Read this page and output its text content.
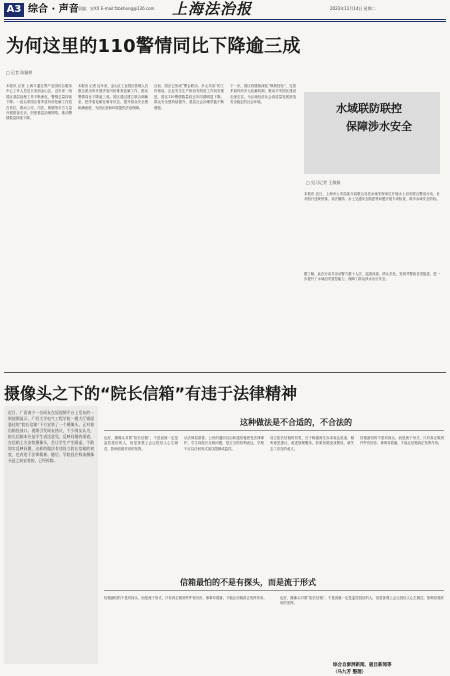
A3 综合 · 声音 责编：宋XX E-mail:fzbkhong@126.com 上海法治报	2023年11月14日 星期二
为何这里的110警情同比下降逾三成
□ 记者 陈颖婷
本报讯 记者 上海Ｘ通社界产业园综合服务中心工作人员近日来到金山区，近年来一线园区基层治理工作不断深化，警情总量持续下降。一直以来园区将矛盾纠纷化解工作放在首位，联动公安、司法、街镇等多方力量开展排查走访，织密基层治理网络，推动警情数量持续下降。
本报讯 记者 近年来，金山区工业园区管理人员联合派出所开展矛盾纠纷排查化解工作，推动警情同比下降逾三成。园区通过建立联合调解室，把矛盾化解在萌芽状态，提升群众安全感和满意度，为园区营商环境提供法治保障。
目前，园区已形成“警企联动、多元共治”的工作格局，企业安全生产和治安防范工作同步推进，园区110警情数量较去年同期明显下降，群众安全感持续提升，基层社会治理效能不断增强。
下一步，园区将继续深化“枫桥经验”，完善矛盾纠纷多元化解机制，推动平安园区建设走深走实，为区域经济社会高质量发展营造安全稳定的社会环境。	水域联防联控
保障涉水安全
□ 见习记者 王敏娟
本报讯 近日，上海市公安局某分局联合各类水域安保单位开展水上治安联合整治行动，针对船只违规停靠、非法捕捞、水上交通安全隐患等问题开展专项检查，筑牢水域安全防线。
据了解，此次行动共出动警力数十人次，巡查河道、码头多处，发现并整改各类隐患，进一步提升了水域治安管控能力，保障了群众涉水出行安全。
摄像头之下的“院长信箱”有违于法律精神
近日，广西南宁一名网友在短视频平台上发布的一则视频显示，广西大学电气工程学院一楼大厅墙面悬挂的“院长信箱”下方安装了一个摄像头，正对着信箱投放口。视频引发网友热议，不少网友认为，院长信箱本应是学生表达意见、反映问题的渠道，在信箱上方安装摄像头，会让学生产生顾虑，不敢如实反映问题，这样的做法有违设立院长信箱的初衷，也有违于法律精神。随后，学院回应称该摄像头是之前安装的，已经拆除。
这种做法是不合适的，不合法的
也好，摄像头对着“院长信箱”，不是说就一定是监控投信的人，但是客观上会让投信人心生顾虑，影响信箱作用的发挥。
从法律层面看，公民的通信自由和通信秘密受法律保护，学生向院长反映问题，是正当的权利表达，学校不应以任何形式加以限制或监控。
设立院长信箱的初衷，在于畅通师生诉求表达渠道，倾听意见建议、改进管理服务。如果信箱变成摆设，就失去了存在的意义。
信箱最怕的不是有探头，而是流于形式，只有真正做到件件有回音、事事有着落，才能让信箱真正发挥作用。
信箱最怕的不是有探头，而是流于形式
信箱最怕的不是有探头，而是流于形式，只有真正做到件件有回音、事事有着落，才能让信箱真正发挥作用。	也好，摄像头对着“院长信箱”，不是说就一定是监控投信的人，但是客观上会让投信人心生顾虑，影响信箱作用的发挥。
综合自澎湃新闻、极目新闻等
（马九芳 整理）
